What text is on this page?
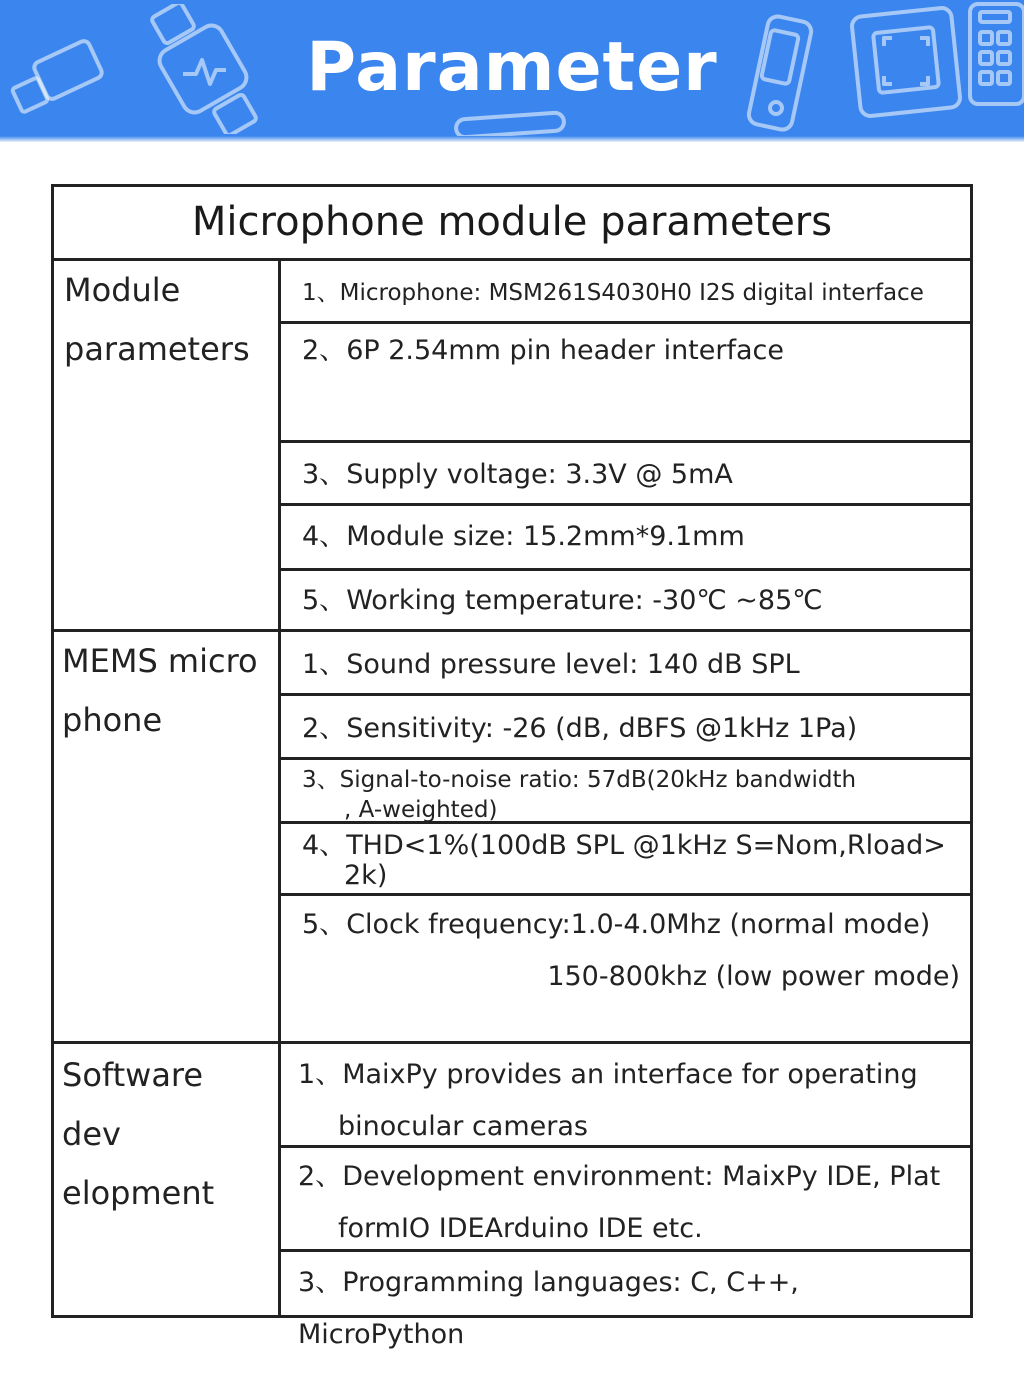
Parameter
Microphone module parameters
Module
parameters
1、Microphone: MSM261S4030H0 I2S digital interface
2、6P 2.54mm pin header interface
3、Supply voltage: 3.3V @ 5mA
4、Module size: 15.2mm*9.1mm
5、Working temperature: -30℃ ~85℃
MEMS micro
phone
1、Sound pressure level: 140 dB SPL
2、Sensitivity: -26 (dB, dBFS @1kHz 1Pa)
3、Signal-to-noise ratio: 57dB(20kHz bandwidth
, A-weighted)
4、THD<1%(100dB SPL @1kHz S=Nom,Rload>
2k)
5、Clock frequency:1.0-4.0Mhz (normal mode)
150-800khz (low power mode)
Software dev
elopment
1、MaixPy provides an interface for operating
binocular cameras
2、Development environment: MaixPy IDE, Plat
formIO IDEArduino IDE etc.
3、Programming languages: C, C++, MicroPython
